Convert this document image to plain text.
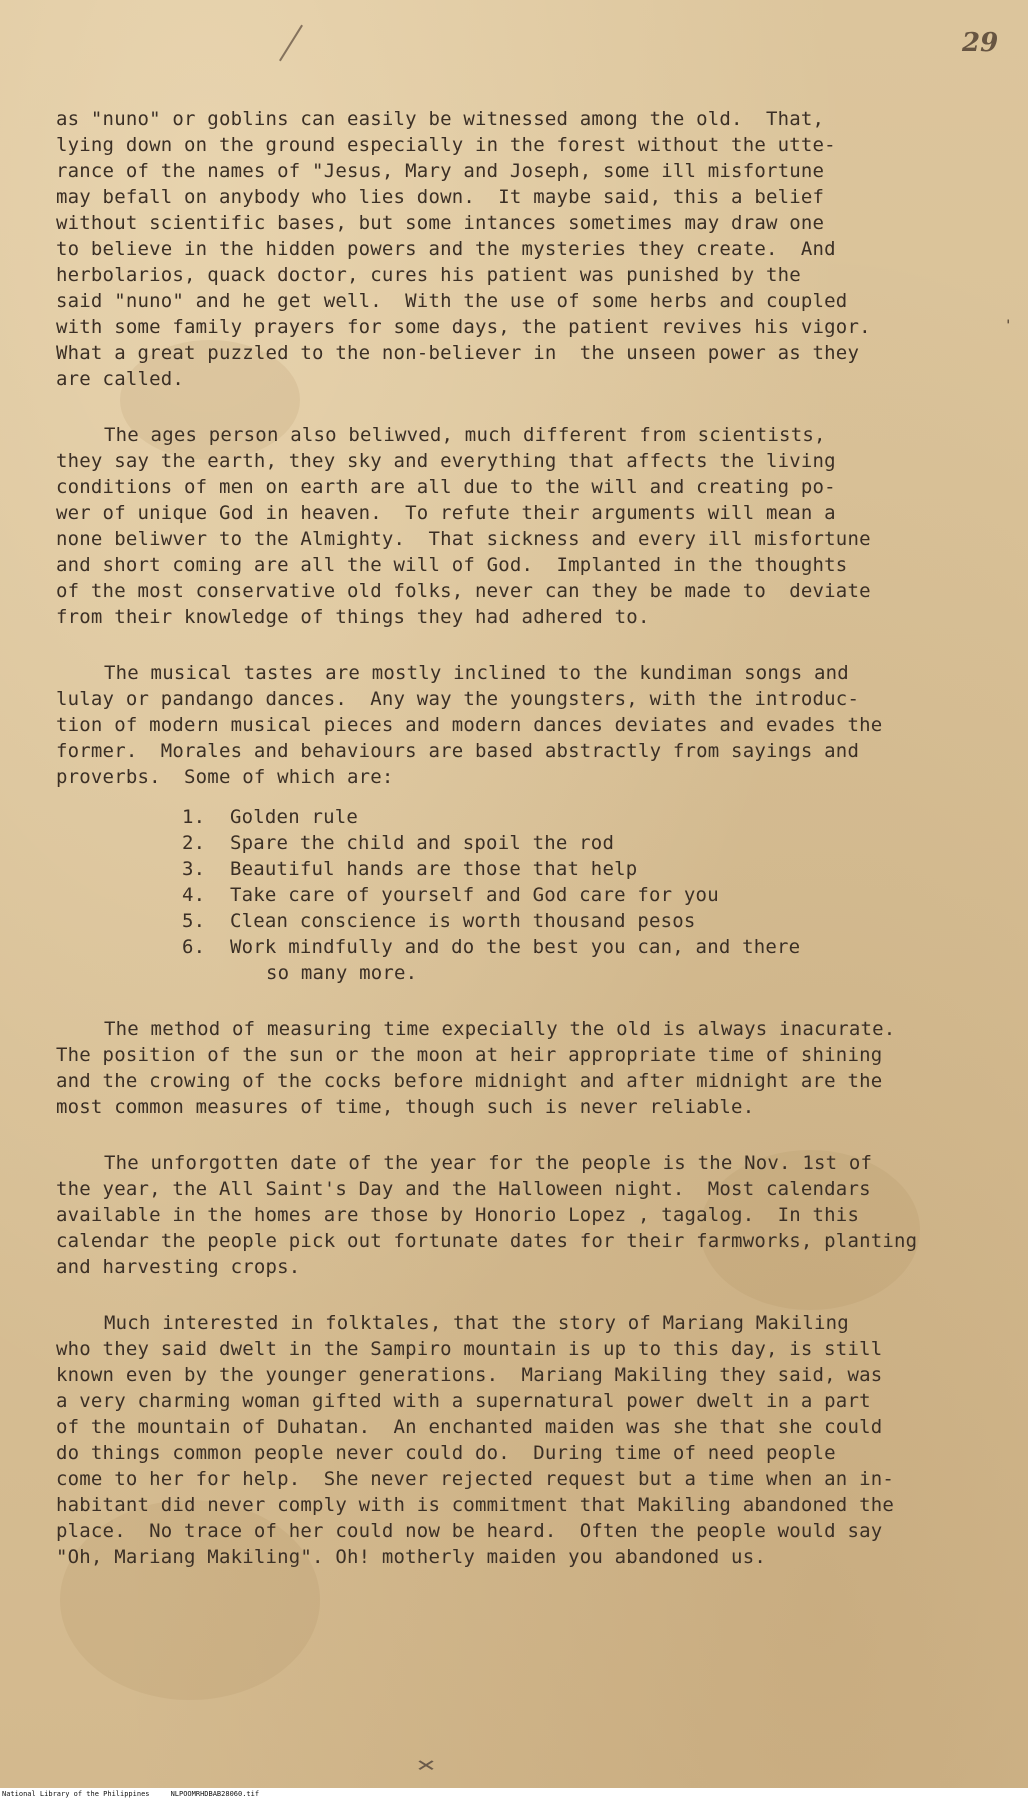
29
'

as "nuno" or goblins can easily be witnessed among the old.  That,
lying down on the ground especially in the forest without the utte-
rance of the names of "Jesus, Mary and Joseph, some ill misfortune
may befall on anybody who lies down.  It maybe said, this a belief
without scientific bases, but some intances sometimes may draw one
to believe in the hidden powers and the mysteries they create.  And
herbolarios, quack doctor, cures his patient was punished by the
said "nuno" and he get well.  With the use of some herbs and coupled
with some family prayers for some days, the patient revives his vigor.
What a great puzzled to the non-believer in  the unseen power as they
are called.

The ages person also beliwved, much different from scientists,
they say the earth, they sky and everything that affects the living
conditions of men on earth are all due to the will and creating po-
wer of unique God in heaven.  To refute their arguments will mean a
none beliwver to the Almighty.  That sickness and every ill misfortune
and short coming are all the will of God.  Implanted in the thoughts
of the most conservative old folks, never can they be made to  deviate
from their knowledge of things they had adhered to.

The musical tastes are mostly inclined to the kundiman songs and
lulay or pandango dances.  Any way the youngsters, with the introduc-
tion of modern musical pieces and modern dances deviates and evades the
former.  Morales and behaviours are based abstractly from sayings and
proverbs.  Some of which are:

1.	Golden rule
2.	Spare the child and spoil the rod
3.	Beautiful hands are those that help
4.	Take care of yourself and God care for you
5.	Clean conscience is worth thousand pesos
6.	Work mindfully and do the best you can, and there
so many more.

The method of measuring time expecially the old is always inacurate.
The position of the sun or the moon at heir appropriate time of shining
and the crowing of the cocks before midnight and after midnight are the
most common measures of time, though such is never reliable.

The unforgotten date of the year for the people is the Nov. 1st of
the year, the All Saint's Day and the Halloween night.  Most calendars
available in the homes are those by Honorio Lopez , tagalog.  In this
calendar the people pick out fortunate dates for their farmworks, planting
and harvesting crops.

Much interested in folktales, that the story of Mariang Makiling
who they said dwelt in the Sampiro mountain is up to this day, is still
known even by the younger generations.  Mariang Makiling they said, was
a very charming woman gifted with a supernatural power dwelt in a part
of the mountain of Duhatan.  An enchanted maiden was she that she could
do things common people never could do.  During time of need people
come to her for help.  She never rejected request but a time when an in-
habitant did never comply with is commitment that Makiling abandoned the
place.  No trace of her could now be heard.  Often the people would say
"Oh, Mariang Makiling". Oh! motherly maiden you abandoned us.

✕
National Library of the Philippines     NLPOOMRHDBAB28060.tif
